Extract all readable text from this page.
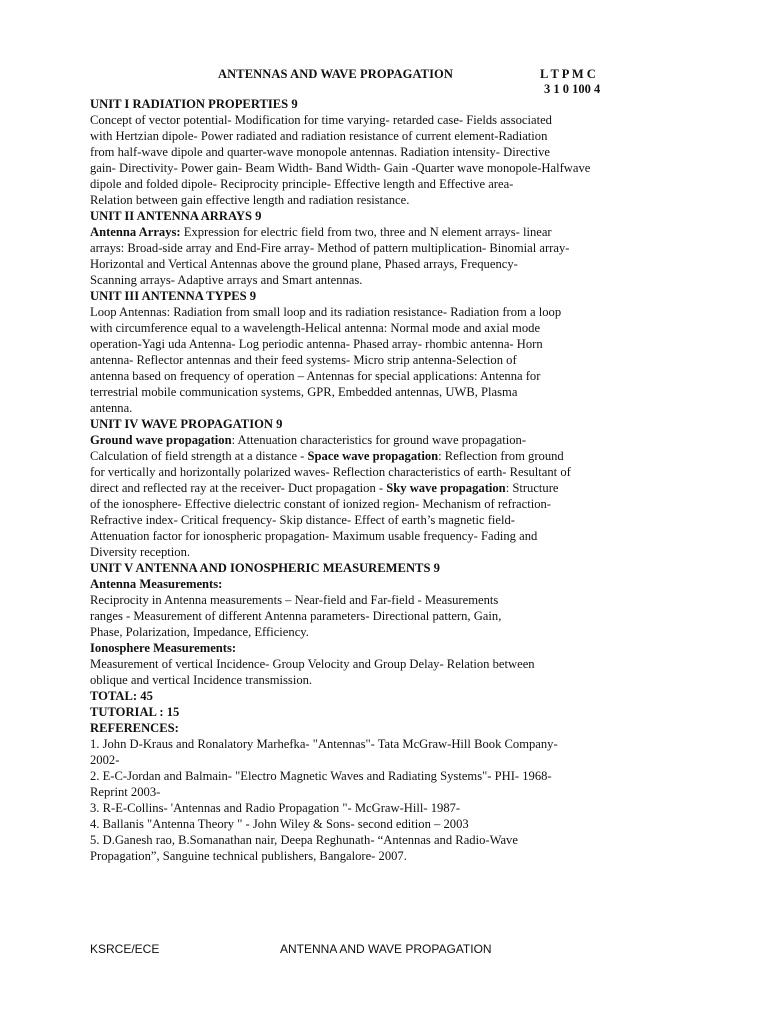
ANTENNAS AND WAVE PROPAGATION	L T P M C
3 1 0 100 4
UNIT I RADIATION PROPERTIES 9
Concept of vector potential- Modification for time varying- retarded case- Fields associated
with Hertzian dipole- Power radiated and radiation resistance of current element-Radiation
from half-wave dipole and quarter-wave monopole antennas. Radiation intensity- Directive
gain- Directivity- Power gain- Beam Width- Band Width- Gain -Quarter wave monopole-Halfwave
dipole and folded dipole- Reciprocity principle- Effective length and Effective area-
Relation between gain effective length and radiation resistance.
UNIT II ANTENNA ARRAYS 9
Antenna Arrays: Expression for electric field from two, three and N element arrays- linear
arrays: Broad-side array and End-Fire array- Method of pattern multiplication- Binomial array-
Horizontal and Vertical Antennas above the ground plane, Phased arrays, Frequency-
Scanning arrays- Adaptive arrays and Smart antennas.
UNIT III ANTENNA TYPES 9
Loop Antennas: Radiation from small loop and its radiation resistance- Radiation from a loop
with circumference equal to a wavelength-Helical antenna: Normal mode and axial mode
operation-Yagi uda Antenna- Log periodic antenna- Phased array- rhombic antenna- Horn
antenna- Reflector antennas and their feed systems- Micro strip antenna-Selection of
antenna based on frequency of operation – Antennas for special applications: Antenna for
terrestrial mobile communication systems, GPR, Embedded antennas, UWB, Plasma
antenna.
UNIT IV WAVE PROPAGATION 9
Ground wave propagation: Attenuation characteristics for ground wave propagation-
Calculation of field strength at a distance - Space wave propagation: Reflection from ground
for vertically and horizontally polarized waves- Reflection characteristics of earth- Resultant of
direct and reflected ray at the receiver- Duct propagation - Sky wave propagation: Structure
of the ionosphere- Effective dielectric constant of ionized region- Mechanism of refraction-
Refractive index- Critical frequency- Skip distance- Effect of earth’s magnetic field-
Attenuation factor for ionospheric propagation- Maximum usable frequency- Fading and
Diversity reception.
UNIT V ANTENNA AND IONOSPHERIC MEASUREMENTS 9
Antenna Measurements:
Reciprocity in Antenna measurements – Near-field and Far-field - Measurements
ranges - Measurement of different Antenna parameters- Directional pattern, Gain,
Phase, Polarization, Impedance, Efficiency.
Ionosphere Measurements:
Measurement of vertical Incidence- Group Velocity and Group Delay- Relation between
oblique and vertical Incidence transmission.
TOTAL: 45
TUTORIAL : 15
REFERENCES:
1. John D-Kraus and Ronalatory Marhefka- "Antennas"- Tata McGraw-Hill Book Company-
2002-
2. E-C-Jordan and Balmain- "Electro Magnetic Waves and Radiating Systems"- PHI- 1968-
Reprint 2003-
3. R-E-Collins- 'Antennas and Radio Propagation "- McGraw-Hill- 1987-
4. Ballanis "Antenna Theory " - John Wiley & Sons- second edition – 2003
5. D.Ganesh rao, B.Somanathan nair, Deepa Reghunath- “Antennas and Radio-Wave
Propagation”, Sanguine technical publishers, Bangalore- 2007.
KSRCE/ECE	ANTENNA AND WAVE PROPAGATION
